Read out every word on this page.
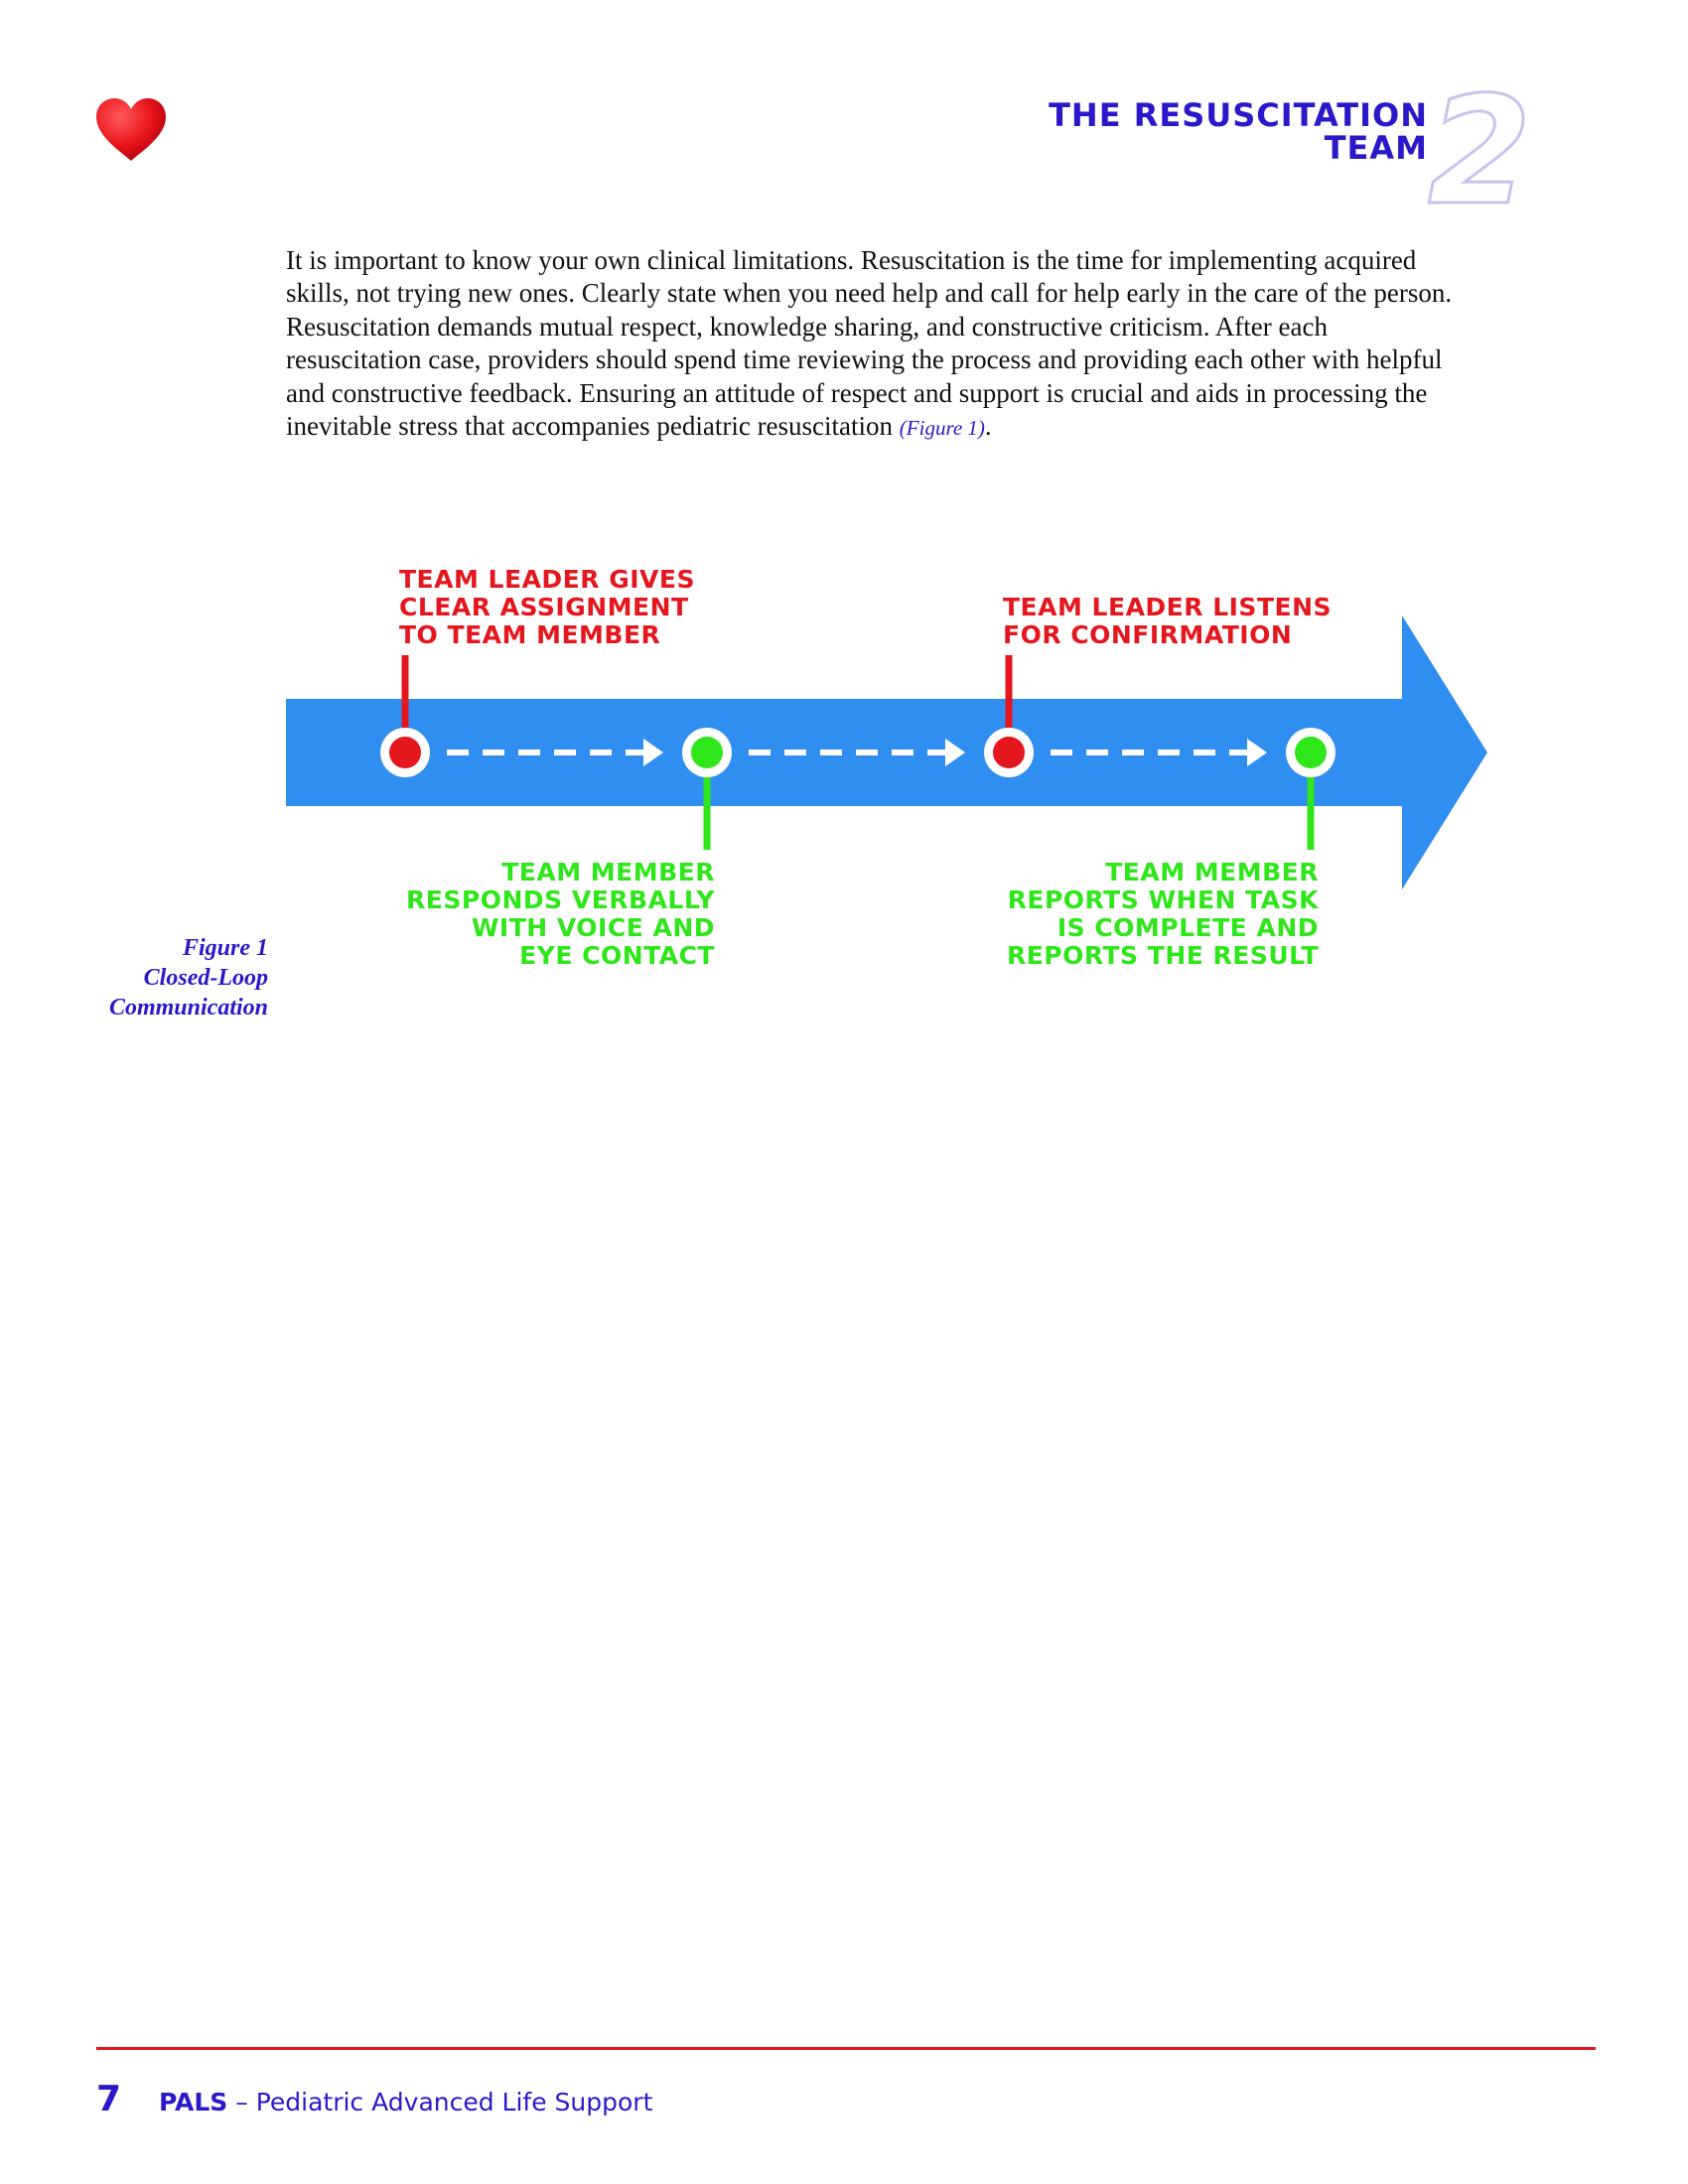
THE RESUSCITATION
TEAM 2
It is important to know your own clinical limitations. Resuscitation is the time for implementing acquired skills, not trying new ones. Clearly state when you need help and call for help early in the care of the person. Resuscitation demands mutual respect, knowledge sharing, and constructive criticism. After each resuscitation case, providers should spend time reviewing the process and providing each other with helpful and constructive feedback. Ensuring an attitude of respect and support is crucial and aids in processing the inevitable stress that accompanies pediatric resuscitation (Figure 1).
TEAM LEADER GIVES
CLEAR ASSIGNMENT
TO TEAM MEMBER
TEAM MEMBER
RESPONDS VERBALLY
WITH VOICE AND
EYE CONTACT
TEAM LEADER LISTENS
FOR CONFIRMATION
TEAM MEMBER
REPORTS WHEN TASK
IS COMPLETE AND
REPORTS THE RESULT
Figure 1
Closed-Loop
Communication
7 PALS – Pediatric Advanced Life Support
